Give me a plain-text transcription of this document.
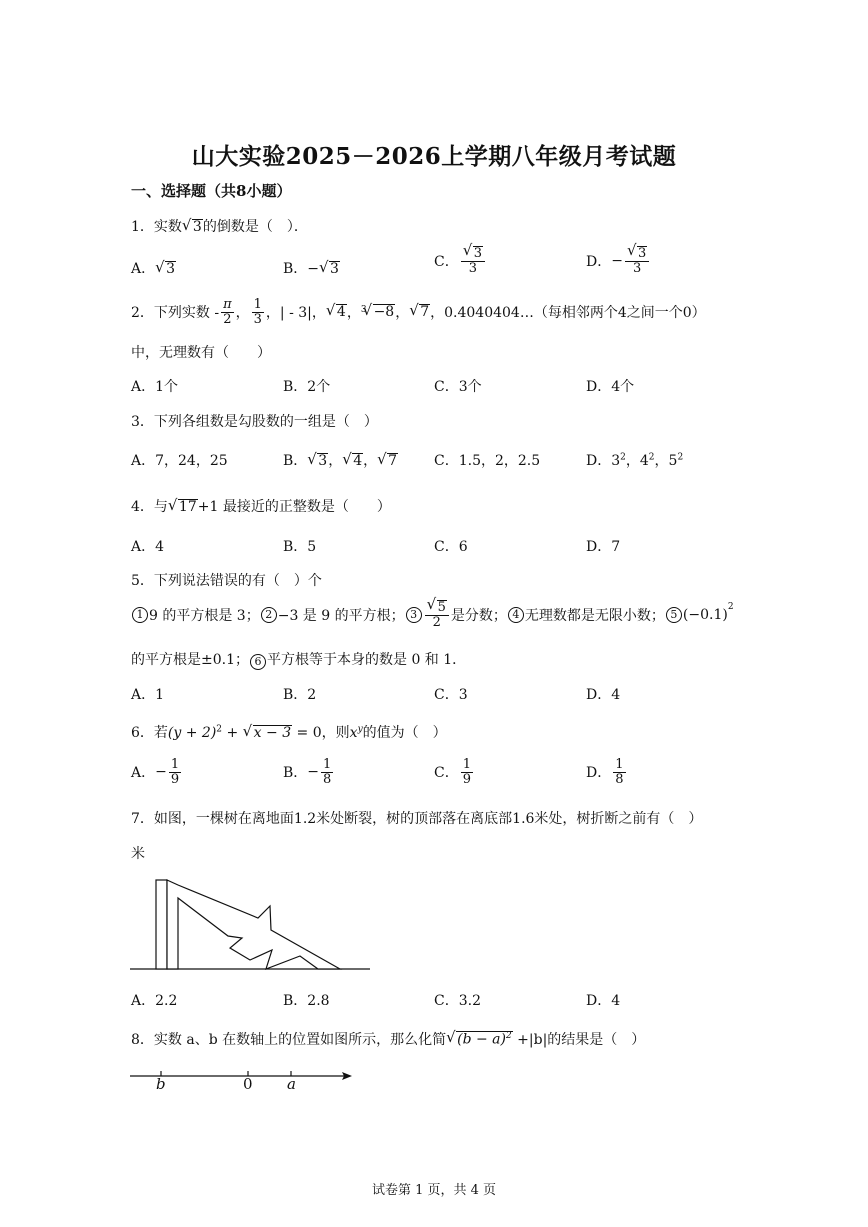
山大实验2025－2026上学期八年级月考试题
一、选择题（共8小题）
1．实数 √ 3的倒数是（　）．
A． √ 3	B．− √ 3	C． √ $\frac{3}{3}$	D．− √ $\frac{3}{3}$
2．下列实数 - $\frac{\pi}{2}$ ， $\frac{1}{3}$ ，| - 3|， √ 4，$^3$ √ −8， √ 7，0.4040404…（每相邻两个4之间一个0）
中，无理数有（　　）
A．1个	B．2个	C．3个	D．4个
3．下列各组数是勾股数的一组是（　）
A．7，24，25	B． √ 3， √ 4， √ 7	C．1.5，2，2.5	D．$3^2$，$4^2$，$5^2$
4．与 √ 17+1 最接近的正整数是（　　）
A．4	B．5	C．6	D．7
5．下列说法错误的有（　）个
1 9 的平方根是 3； 2 −3 是 9 的平方根； 3 √ $\frac{5}{2}$ 是分数； 4 无理数都是无限小数； 5 $(-0.1)^2$
的平方根是±0.1； 6 平方根等于本身的数是 0 和 1．
A．1	B．2	C．3	D．4
6．若$(y + 2)^2$ + √ x − 3 = 0，则$x^y$的值为（　）
A．− $\frac{1}{9}$	B．− $\frac{1}{8}$	C． $\frac{1}{9}$	D． $\frac{1}{8}$
7．如图，一棵树在离地面1.2米处断裂，树的顶部落在离底部1.6米处，树折断之前有（　）
米
A．2.2	B．2.8	C．3.2	D．4
8．实数 a、b 在数轴上的位置如图所示，那么化简 √ $(b - a)^2 +|b|$的结果是（　）
b	0 a
试卷第 1 页，共 4 页
